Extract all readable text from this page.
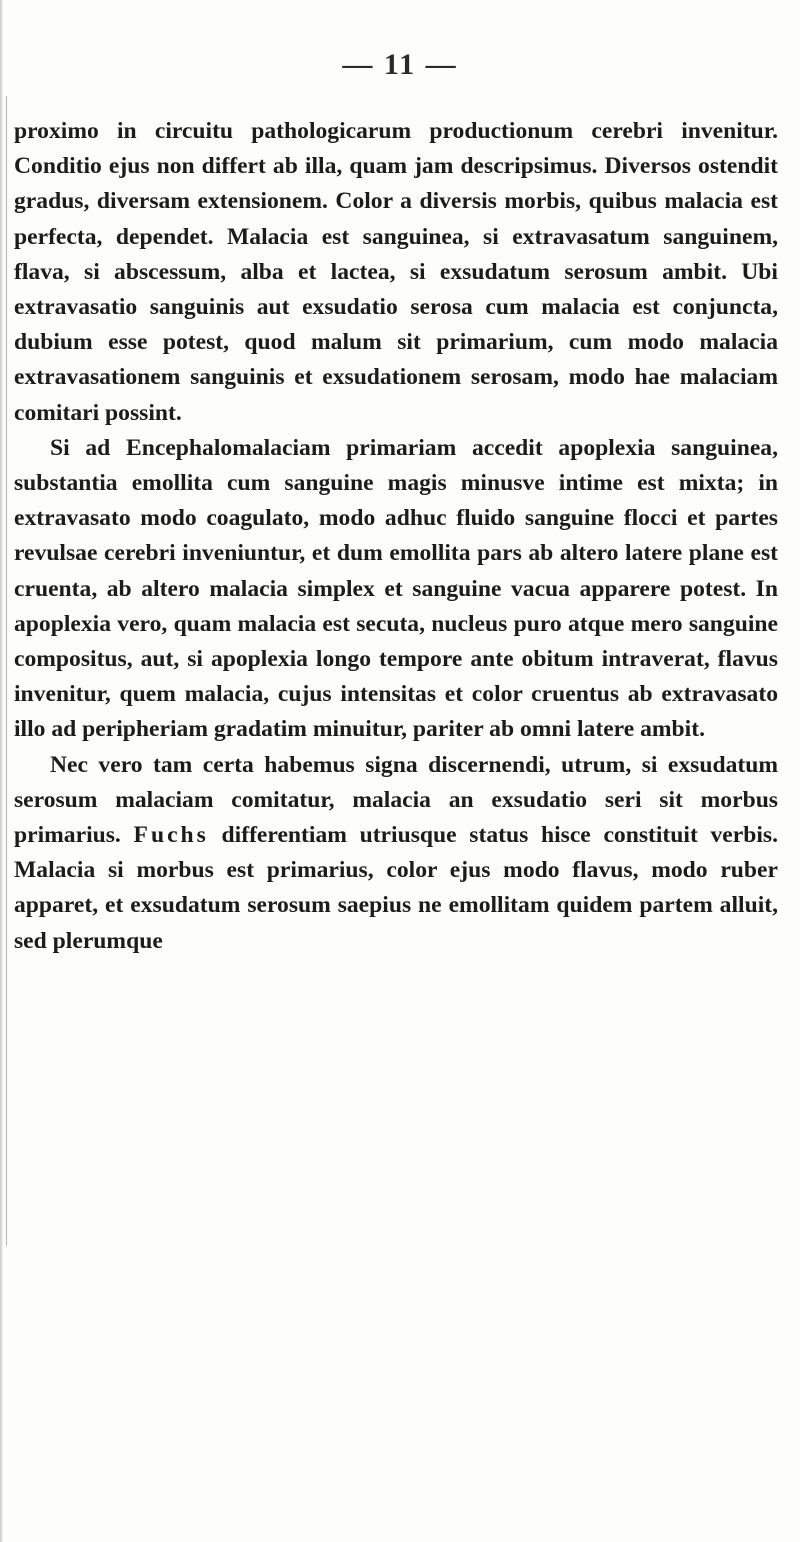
— 11 —

proximo in circuitu pathologicarum productionum cerebri invenitur. Conditio ejus non differt ab illa, quam jam descripsimus. Diversos ostendit gradus, diversam extensionem. Color a diversis morbis, quibus malacia est perfecta, dependet. Malacia est sanguinea, si extravasatum sanguinem, flava, si abscessum, alba et lactea, si exsudatum serosum ambit. Ubi extravasatio sanguinis aut exsudatio serosa cum malacia est conjuncta, dubium esse potest, quod malum sit primarium, cum modo malacia extravasationem sanguinis et exsudationem serosam, modo hae malaciam comitari possint.

Si ad Encephalomalaciam primariam accedit apoplexia sanguinea, substantia emollita cum sanguine magis minusve intime est mixta; in extravasato modo coagulato, modo adhuc fluido sanguine flocci et partes revulsae cerebri inveniuntur, et dum emollita pars ab altero latere plane est cruenta, ab altero malacia simplex et sanguine vacua apparere potest. In apoplexia vero, quam malacia est secuta, nucleus puro atque mero sanguine compositus, aut, si apoplexia longo tempore ante obitum intraverat, flavus invenitur, quem malacia, cujus intensitas et color cruentus ab extravasato illo ad peripheriam gradatim minuitur, pariter ab omni latere ambit.

Nec vero tam certa habemus signa discernendi, utrum, si exsudatum serosum malaciam comitatur, malacia an exsudatio seri sit morbus primarius. Fuchs differentiam utriusque status hisce constituit verbis. Malacia si morbus est primarius, color ejus modo flavus, modo ruber apparet, et exsudatum serosum saepius ne emollitam quidem partem alluit, sed plerumque
